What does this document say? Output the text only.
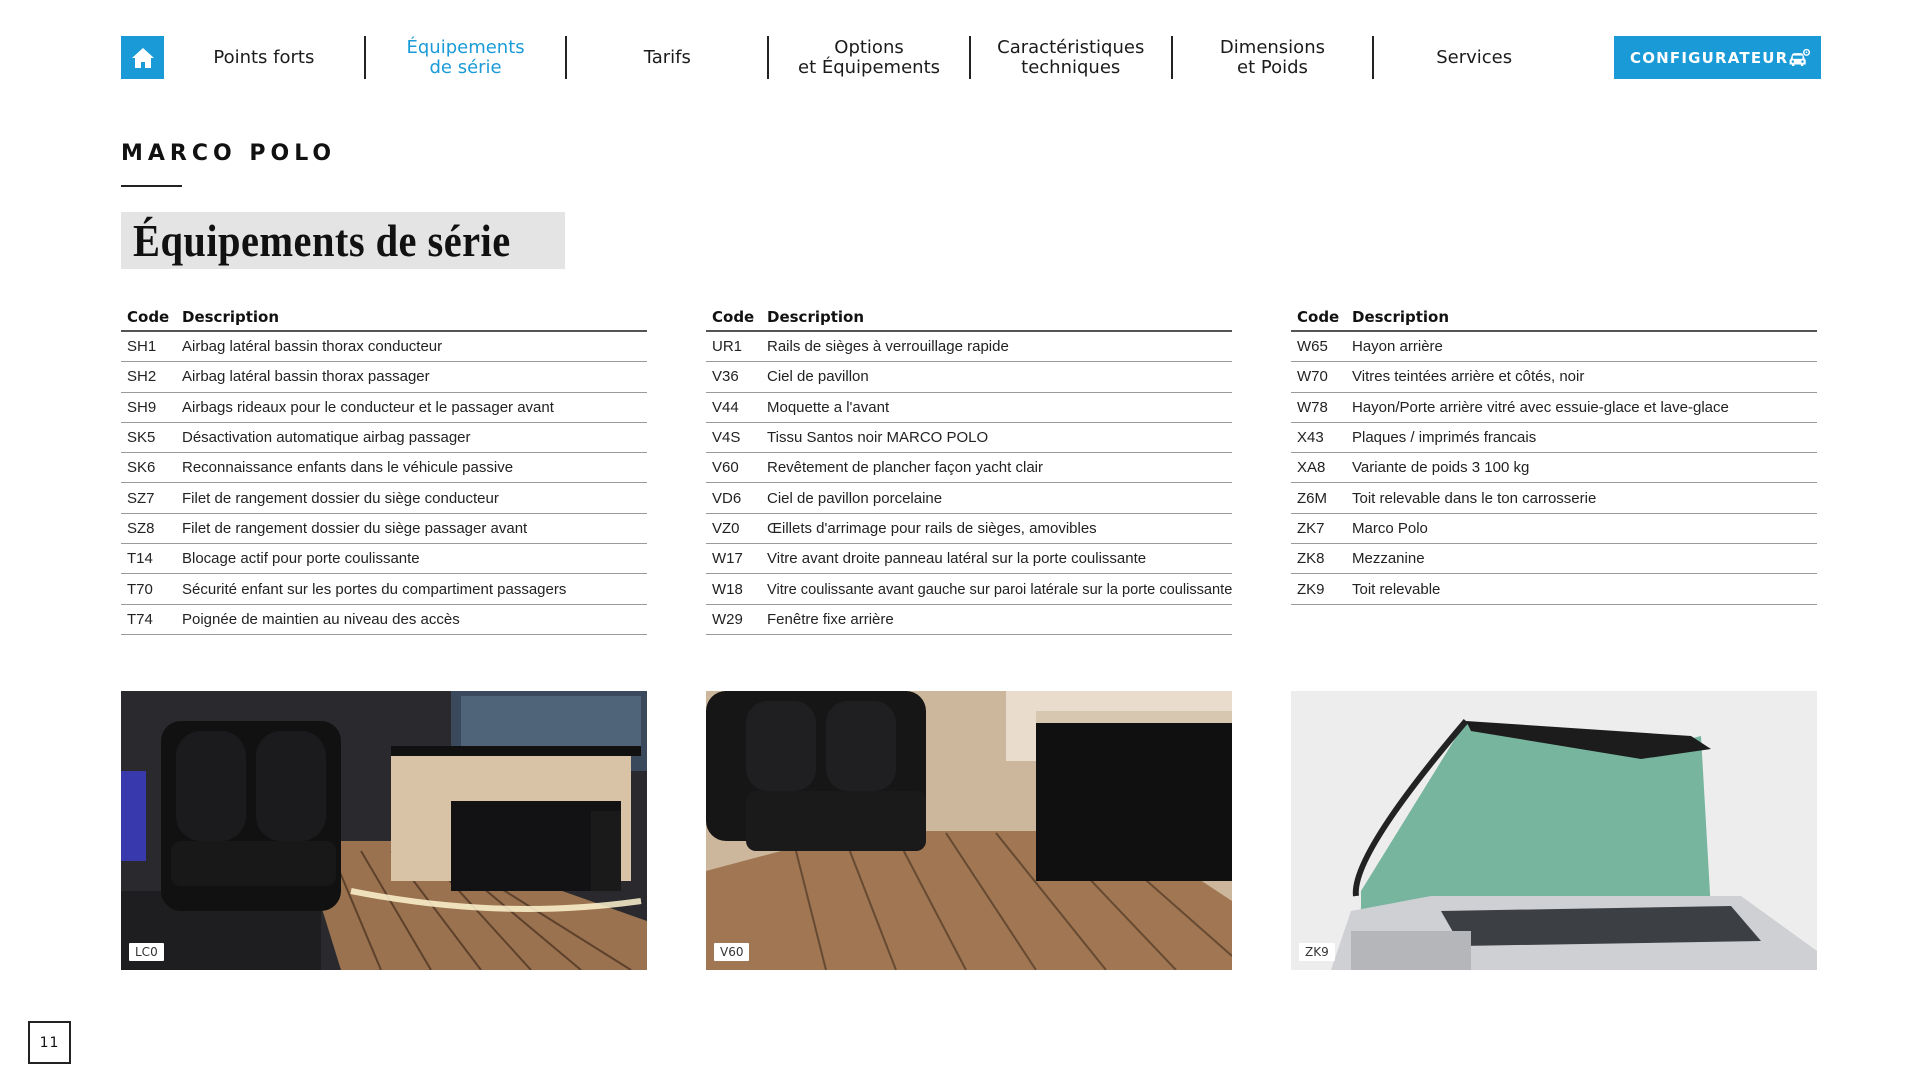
Points forts	Équipements
de série	Tarifs	Options
et Équipements
Caractéristiques
techniques
Dimensions
et Poids	Services	CONFIGURATEUR
MARCO POLO
Équipements de série
Code Description
SH1	Airbag latéral bassin thorax conducteur
SH2	Airbag latéral bassin thorax passager
SH9	Airbags rideaux pour le conducteur et le passager avant
SK5	Désactivation automatique airbag passager
SK6	Reconnaissance enfants dans le véhicule passive
SZ7	Filet de rangement dossier du siège conducteur
SZ8	Filet de rangement dossier du siège passager avant
T14	Blocage actif pour porte coulissante
T70	Sécurité enfant sur les portes du compartiment passagers
T74	Poignée de maintien au niveau des accès
Code Description
UR1	Rails de sièges à verrouillage rapide
V36	Ciel de pavillon
V44	Moquette a l'avant
V4S	Tissu Santos noir MARCO POLO
V60	Revêtement de plancher façon yacht clair
VD6	Ciel de pavillon porcelaine
VZ0	Œillets d'arrimage pour rails de sièges, amovibles
W17	Vitre avant droite panneau latéral sur la porte coulissante
W18	Vitre coulissante avant gauche sur paroi latérale sur la porte coulissante
W29	Fenêtre fixe arrière
Code Description
W65	Hayon arrière
W70	Vitres teintées arrière et côtés, noir
W78	Hayon/Porte arrière vitré avec essuie-glace et lave-glace
X43	Plaques / imprimés francais
XA8	Variante de poids 3 100 kg
Z6M	Toit relevable dans le ton carrosserie
ZK7	Marco Polo
ZK8	Mezzanine
ZK9	Toit relevable
LC0	V60	ZK9
11
